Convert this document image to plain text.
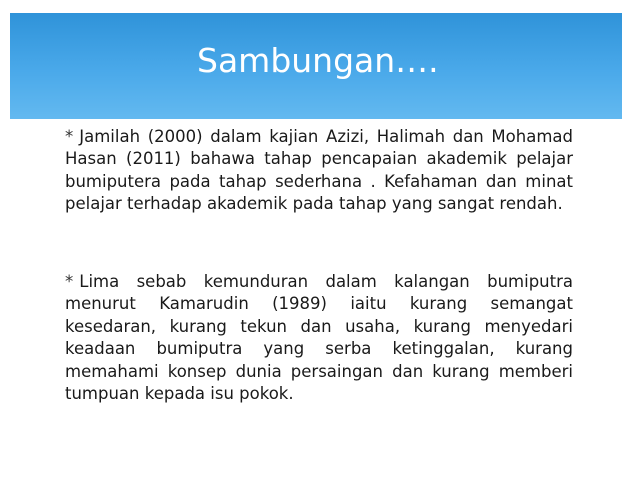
Sambungan….

* Jamilah (2000) dalam kajian Azizi, Halimah dan Mohamad Hasan (2011) bahawa tahap pencapaian akademik pelajar bumiputera pada tahap sederhana . Kefahaman dan minat pelajar terhadap akademik pada tahap yang sangat rendah.

* Lima sebab kemunduran dalam kalangan bumiputra menurut Kamarudin (1989) iaitu kurang semangat kesedaran, kurang tekun dan usaha, kurang menyedari keadaan bumiputra yang serba ketinggalan, kurang memahami konsep dunia persaingan dan kurang memberi tumpuan kepada isu pokok.
